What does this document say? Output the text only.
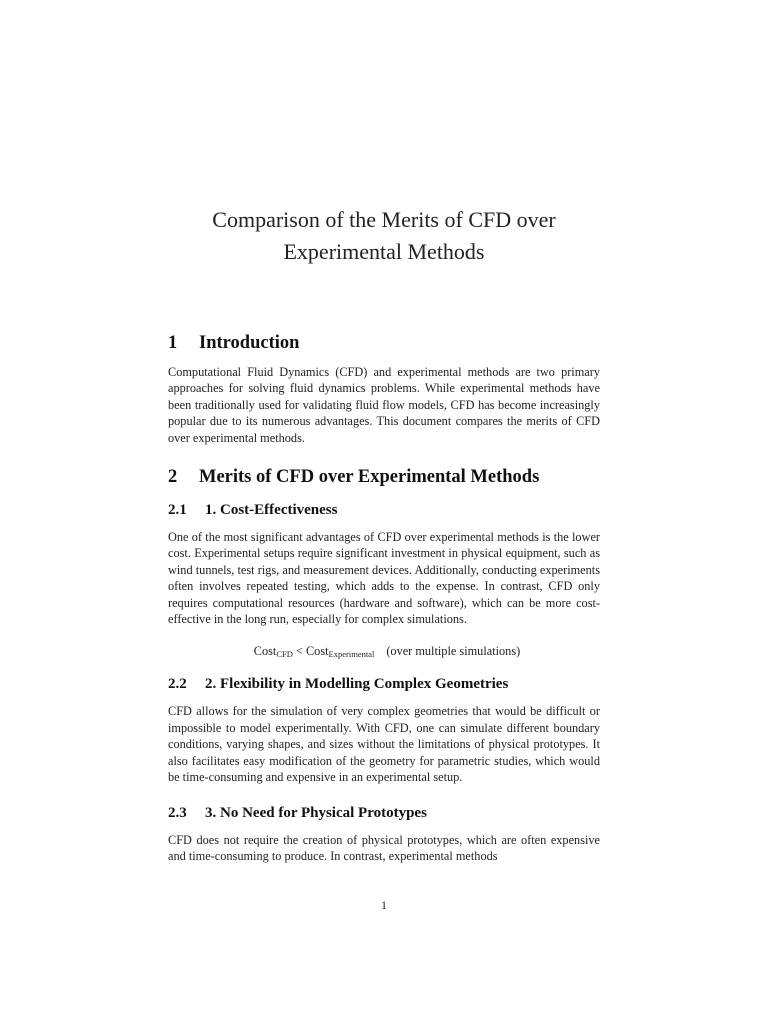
Comparison of the Merits of CFD over
Experimental Methods
1 Introduction

Computational Fluid Dynamics (CFD) and experimental methods are two primary approaches for solving fluid dynamics problems. While experimental methods have been traditionally used for validating fluid flow models, CFD has become increasingly popular due to its numerous advantages. This document compares the merits of CFD over experimental methods.

2 Merits of CFD over Experimental Methods
2.1 1. Cost-Effectiveness

One of the most significant advantages of CFD over experimental methods is the lower cost. Experimental setups require significant investment in physical equipment, such as wind tunnels, test rigs, and measurement devices. Additionally, conducting experiments often involves repeated testing, which adds to the expense. In contrast, CFD only requires computational resources (hardware and software), which can be more cost-effective in the long run, especially for complex simulations.

Cost$_{CFD}$ < Cost$_{Experimental}$ (over multiple simulations)

2.2 2. Flexibility in Modelling Complex Geometries

CFD allows for the simulation of very complex geometries that would be difficult or impossible to model experimentally. With CFD, one can simulate different boundary conditions, varying shapes, and sizes without the limitations of physical prototypes. It also facilitates easy modification of the geometry for parametric studies, which would be time-consuming and expensive in an experimental setup.

2.3 3. No Need for Physical Prototypes

CFD does not require the creation of physical prototypes, which are often expensive and time-consuming to produce. In contrast, experimental methods

1
